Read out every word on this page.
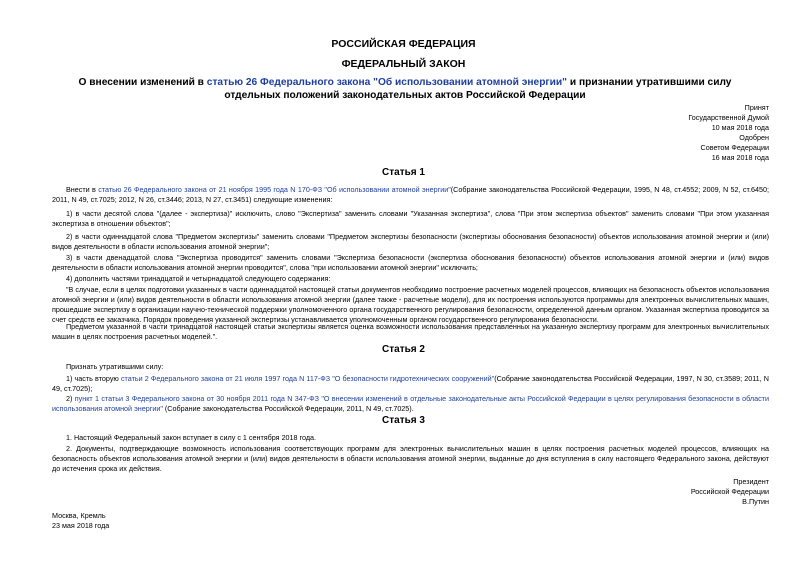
РОССИЙСКАЯ ФЕДЕРАЦИЯ
ФЕДЕРАЛЬНЫЙ ЗАКОН
О внесении изменений в статью 26 Федерального закона "Об использовании атомной энергии" и признании утратившими силу отдельных положений законодательных актов Российской Федерации
Принят
Государственной Думой
10 мая 2018 года
Одобрен
Советом Федерации
16 мая 2018 года
Статья 1
Внести в статью 26 Федерального закона от 21 ноября 1995 года N 170-ФЗ "Об использовании атомной энергии"(Собрание законодательства Российской Федерации, 1995, N 48, ст.4552; 2009, N 52, ст.6450; 2011, N 49, ст.7025; 2012, N 26, ст.3446; 2013, N 27, ст.3451) следующие изменения:
1) в части десятой слова "(далее - экспертиза)" исключить, слово "Экспертиза" заменить словами "Указанная экспертиза", слова "При этом экспертиза объектов" заменить словами "При этом указанная экспертиза в отношении объектов";
2) в части одиннадцатой слова "Предметом экспертизы" заменить словами "Предметом экспертизы безопасности (экспертизы обоснования безопасности) объектов использования атомной энергии и (или) видов деятельности в области использования атомной энергии";
3) в части двенадцатой слова "Экспертиза проводится" заменить словами "Экспертиза безопасности (экспертиза обоснования безопасности) объектов использования атомной энергии и (или) видов деятельности в области использования атомной энергии проводится", слова "при использовании атомной энергии" исключить;
4) дополнить частями тринадцатой и четырнадцатой следующего содержания:
"В случае, если в целях подготовки указанных в части одиннадцатой настоящей статьи документов необходимо построение расчетных моделей процессов, влияющих на безопасность объектов использования атомной энергии и (или) видов деятельности в области использования атомной энергии (далее также - расчетные модели), для их построения используются программы для электронных вычислительных машин, прошедшие экспертизу в организации научно-технической поддержки уполномоченного органа государственного регулирования безопасности, определенной данным органом. Указанная экспертиза проводится за счет средств ее заказчика. Порядок проведения указанной экспертизы устанавливается уполномоченным органом государственного регулирования безопасности.
Предметом указанной в части тринадцатой настоящей статьи экспертизы является оценка возможности использования представленных на указанную экспертизу программ для электронных вычислительных машин в целях построения расчетных моделей.".
Статья 2
Признать утратившими силу:
1) часть вторую статьи 2 Федерального закона от 21 июля 1997 года N 117-ФЗ "О безопасности гидротехнических сооружений"(Собрание законодательства Российской Федерации, 1997, N 30, ст.3589; 2011, N 49, ст.7025);
2) пункт 1 статьи 3 Федерального закона от 30 ноября 2011 года N 347-ФЗ "О внесении изменений в отдельные законодательные акты Российской Федерации в целях регулирования безопасности в области использования атомной энергии" (Собрание законодательства Российской Федерации, 2011, N 49, ст.7025).
Статья 3
1. Настоящий Федеральный закон вступает в силу с 1 сентября 2018 года.
2. Документы, подтверждающие возможность использования соответствующих программ для электронных вычислительных машин в целях построения расчетных моделей процессов, влияющих на безопасность объектов использования атомной энергии и (или) видов деятельности в области использования атомной энергии, выданные до дня вступления в силу настоящего Федерального закона, действуют до истечения срока их действия.
Президент
Российской Федерации
В.Путин
Москва, Кремль
23 мая 2018 года
